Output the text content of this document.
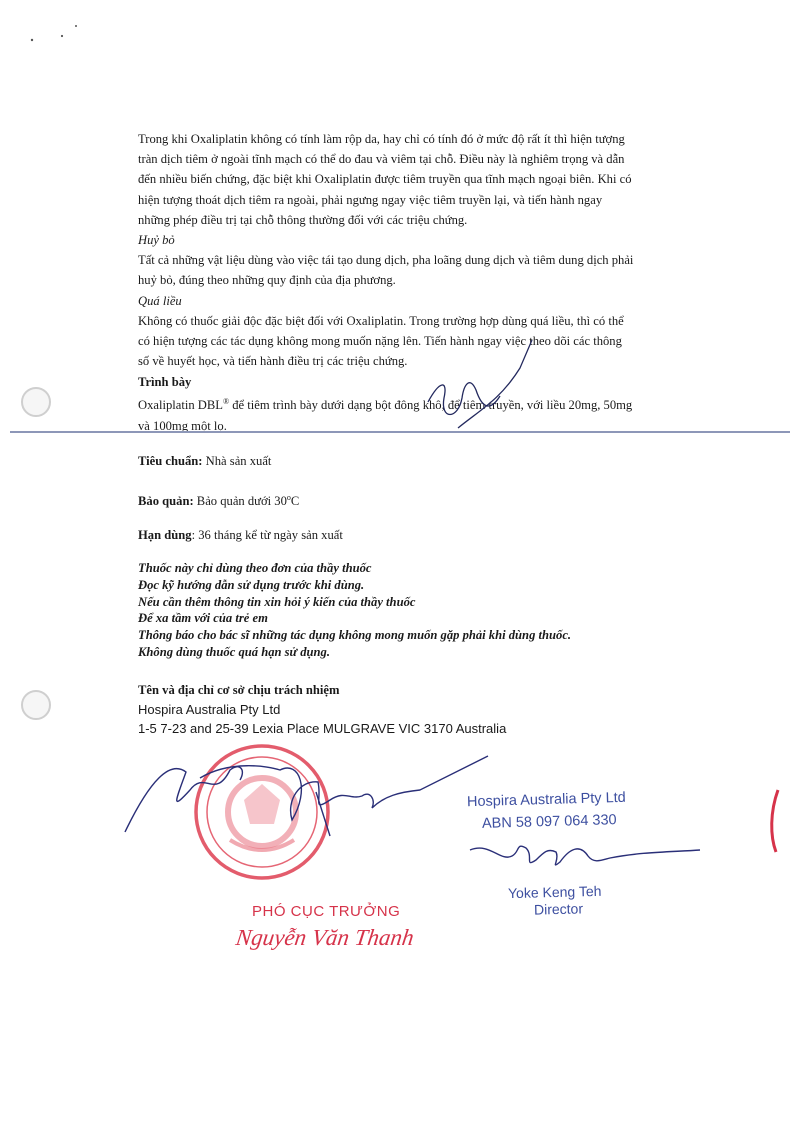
Trong khi Oxaliplatin không có tính làm rộp da, hay chỉ có tính đó ở mức độ rất ít thì hiện tượng
tràn dịch tiêm ở ngoài tĩnh mạch có thể do đau và viêm tại chỗ. Điều này là nghiêm trọng và dẫn
đến nhiều biến chứng, đặc biệt khi Oxaliplatin được tiêm truyền qua tĩnh mạch ngoại biên. Khi có
hiện tượng thoát dịch tiêm ra ngoài, phải ngưng ngay việc tiêm truyền lại, và tiến hành ngay
những phép điều trị tại chỗ thông thường đối với các triệu chứng.
Huỷ bỏ
Tất cả những vật liệu dùng vào việc tái tạo dung dịch, pha loãng dung dịch và tiêm dung dịch phải
huỷ bỏ, đúng theo những quy định của địa phương.
Quá liều
Không có thuốc giải độc đặc biệt đối với Oxaliplatin. Trong trường hợp dùng quá liều, thì có thể
có hiện tượng các tác dụng không mong muốn nặng lên. Tiến hành ngay việc theo dõi các thông
số về huyết học, và tiến hành điều trị các triệu chứng.
Trình bày
Oxaliplatin DBL® để tiêm trình bày dưới dạng bột đông khô, để tiêm truyền, với liều 20mg, 50mg
và 100mg một lọ.
Tiêu chuẩn: Nhà sản xuất
Bảo quản: Bảo quản dưới 30$^o$C
Hạn dùng: 36 tháng kể từ ngày sản xuất
Thuốc này chỉ dùng theo đơn của thầy thuốc
Đọc kỹ hướng dẫn sử dụng trước khi dùng.
Nếu cần thêm thông tin xin hỏi ý kiến của thầy thuốc
Để xa tầm với của trẻ em
Thông báo cho bác sĩ những tác dụng không mong muốn gặp phải khi dùng thuốc.
Không dùng thuốc quá hạn sử dụng.
Tên và địa chỉ cơ sở chịu trách nhiệm
Hospira Australia Pty Ltd
1-5 7-23 and 25-39 Lexia Place MULGRAVE VIC 3170 Australia
Hospira Australia Pty Ltd
ABN 58 097 064 330
Yoke Keng Teh
Director
PHÓ CỤC TRƯỞNG
Nguyễn Văn Thanh
